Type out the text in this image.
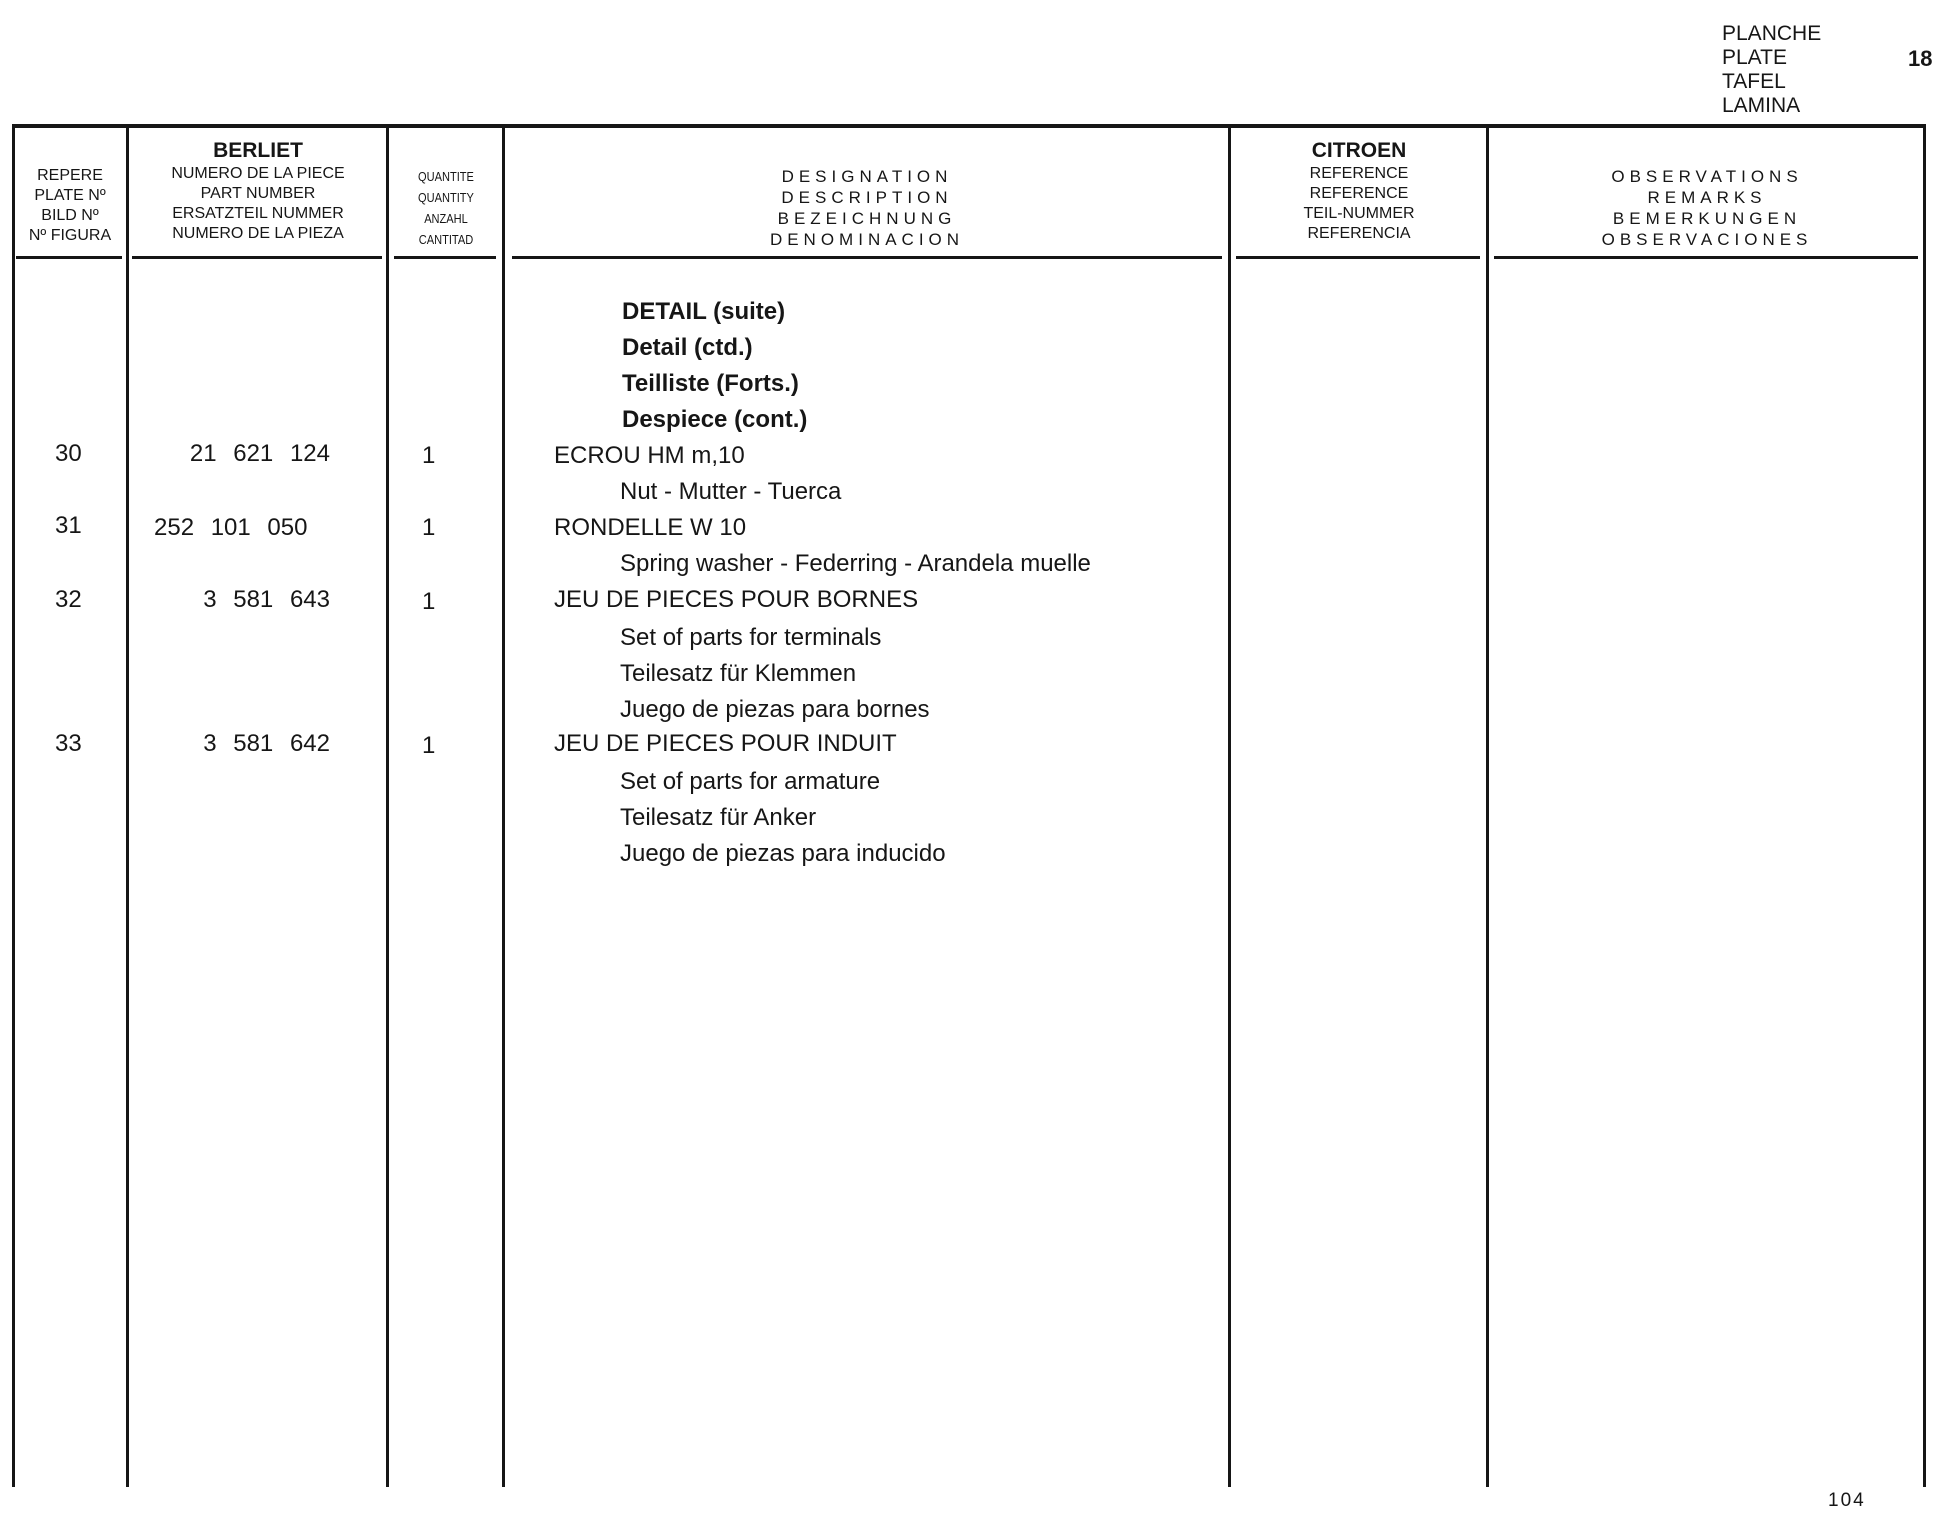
PLANCHE
PLATE
TAFEL
LAMINA
18
REPERE
PLATE Nº
BILD Nº
Nº FIGURA
BERLIET
NUMERO DE LA PIECE
PART NUMBER
ERSATZTEIL NUMMER
NUMERO DE LA PIEZA
QUANTITE
QUANTITY
ANZAHL
CANTITAD
DESIGNATION
DESCRIPTION
BEZEICHNUNG
DENOMINACION
CITROEN
REFERENCE
REFERENCE
TEIL-NUMMER
REFERENCIA
OBSERVATIONS
REMARKS
BEMERKUNGEN
OBSERVACIONES
DETAIL (suite)
Detail (ctd.)
Teilliste (Forts.)
Despiece (cont.)
30	21 621 124	1	ECROU HM m,10
Nut - Mutter - Tuerca
31	252 101 050	1	RONDELLE W 10
Spring washer - Federring - Arandela muelle
32	3 581 643	1	JEU DE PIECES POUR BORNES
Set of parts for terminals
Teilesatz für Klemmen
Juego de piezas para bornes
33	3 581 642	1	JEU DE PIECES POUR INDUIT
Set of parts for armature
Teilesatz für Anker
Juego de piezas para inducido
104
